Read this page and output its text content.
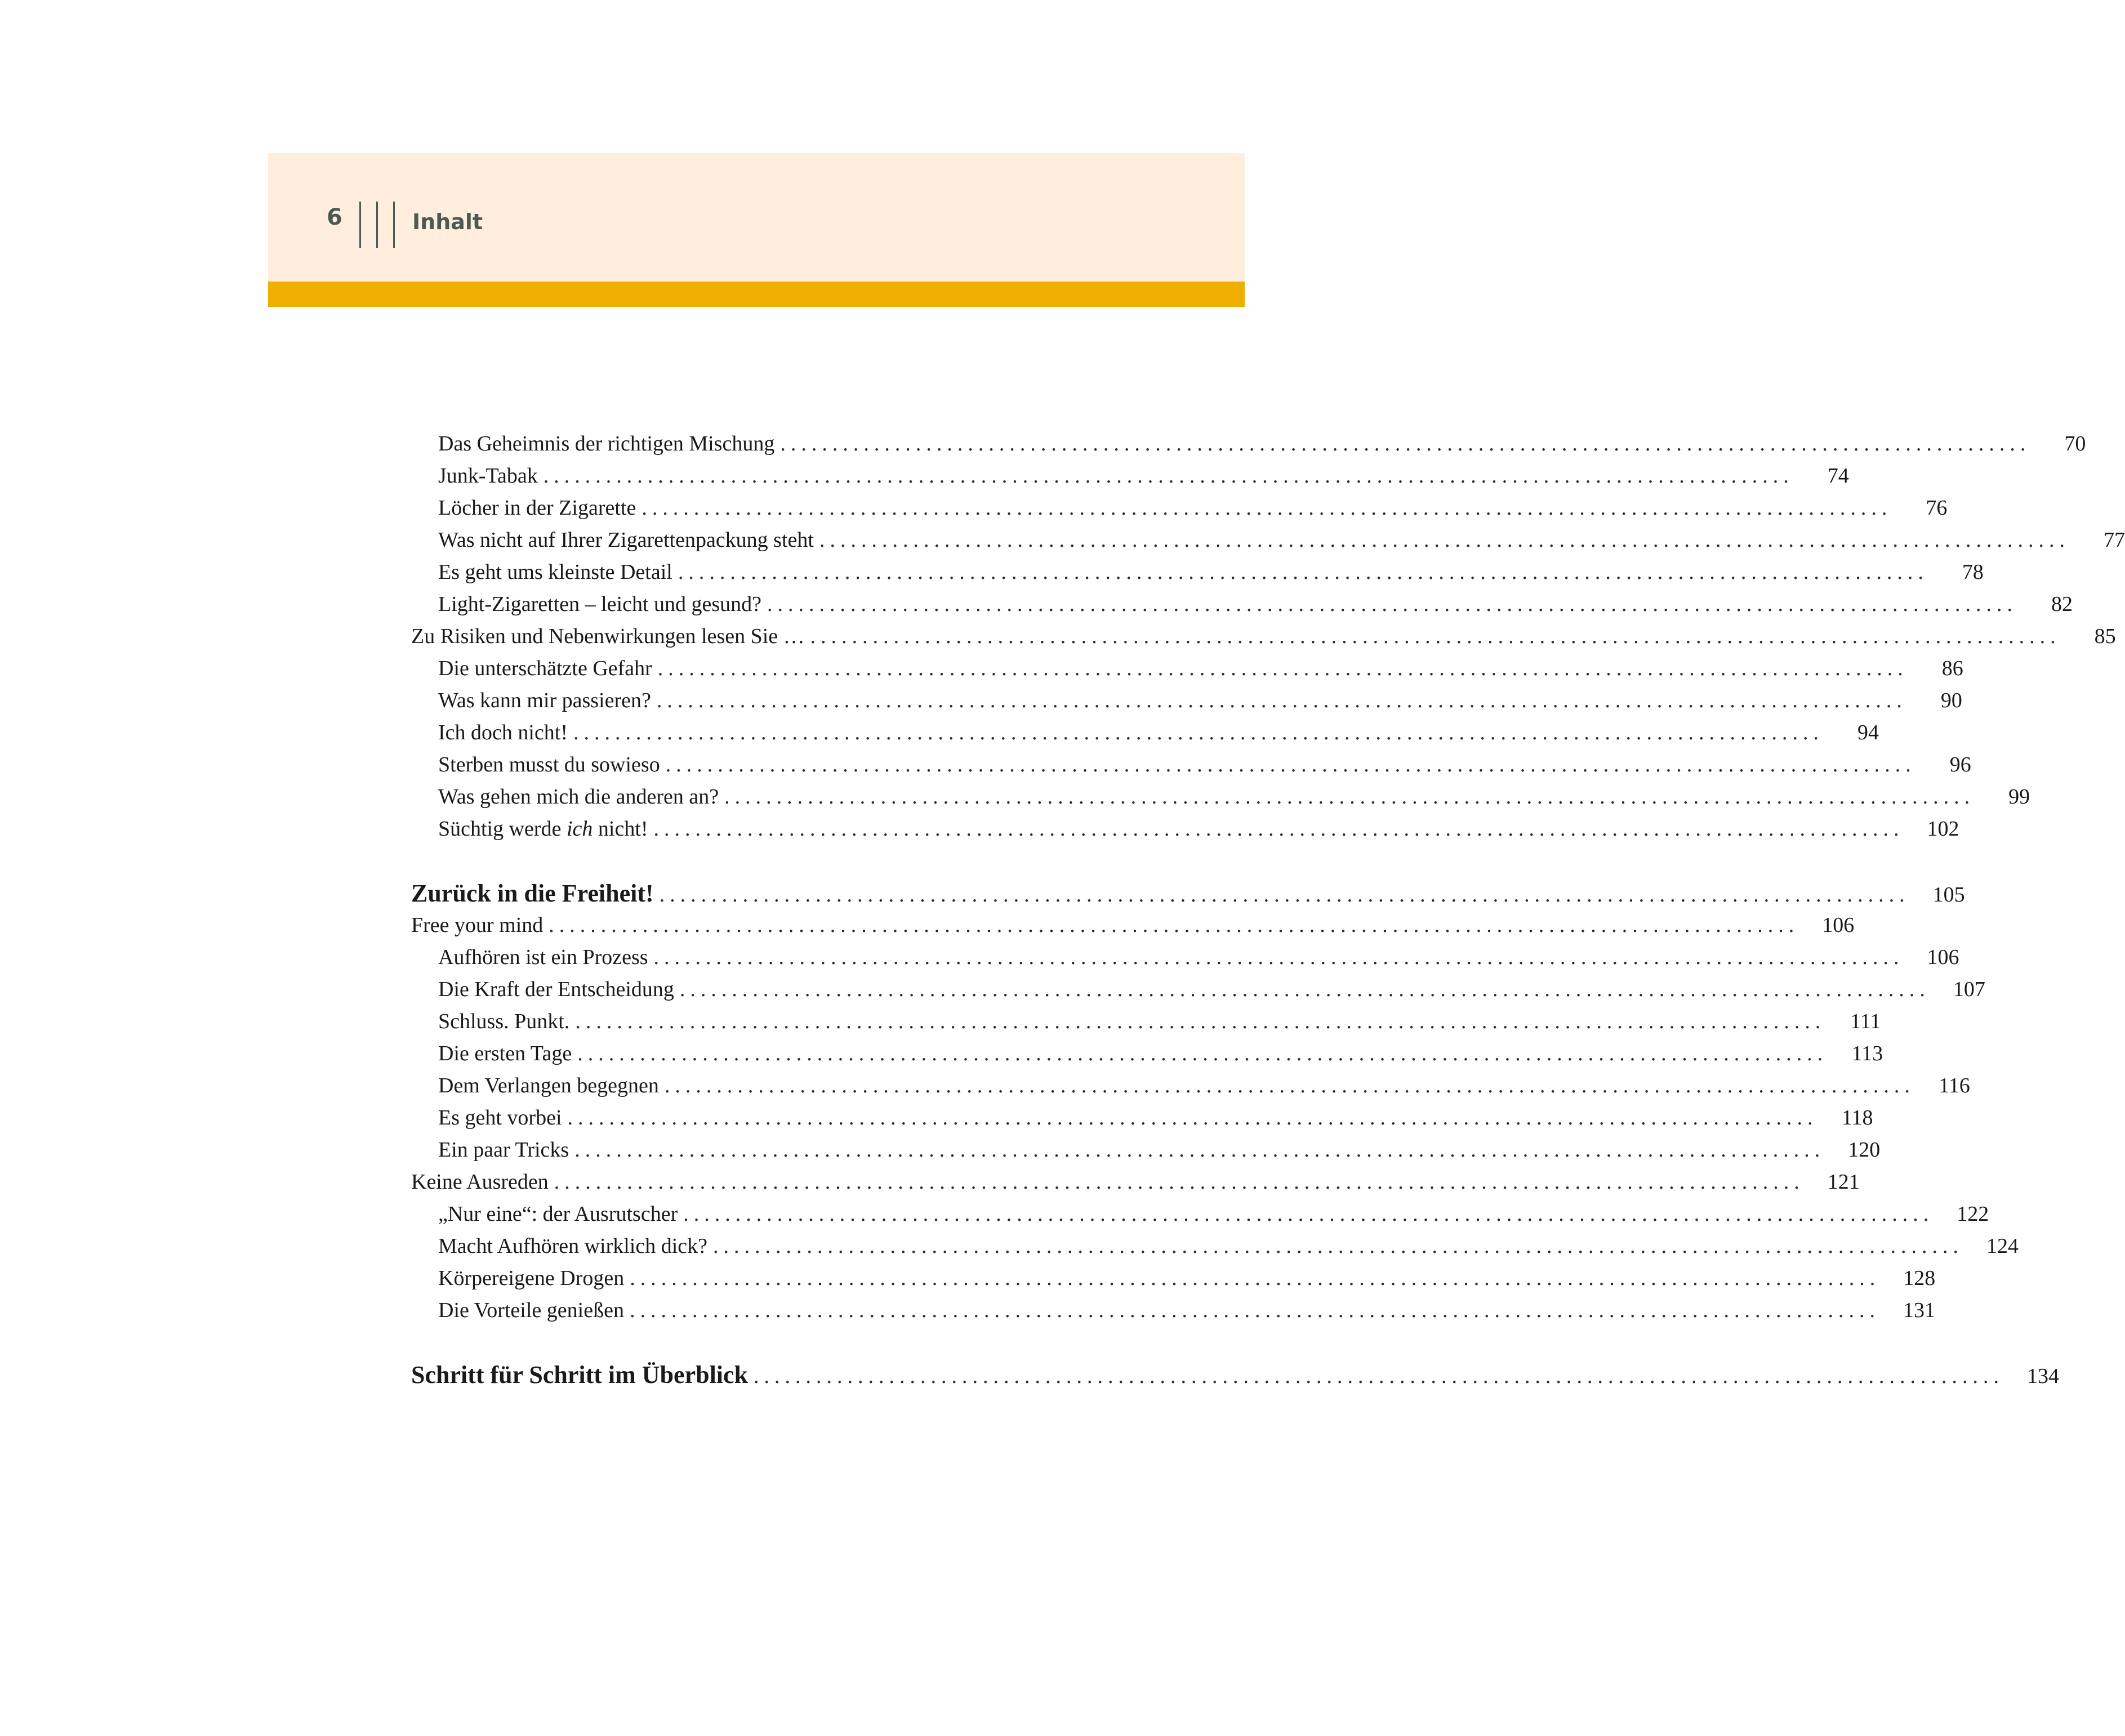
6	Inhalt
Das Geheimnis der richtigen Mischung ........................................................................................................................	70
Junk-Tabak ........................................................................................................................	74
Löcher in der Zigarette ........................................................................................................................	76
Was nicht auf Ihrer Zigarettenpackung steht ........................................................................................................................	77
Es geht ums kleinste Detail ........................................................................................................................	78
Light-Zigaretten – leicht und gesund? ........................................................................................................................	82
Zu Risiken und Nebenwirkungen lesen Sie … ........................................................................................................................	85
Die unterschätzte Gefahr ........................................................................................................................	86
Was kann mir passieren? ........................................................................................................................	90
Ich doch nicht! ........................................................................................................................	94
Sterben musst du sowieso ........................................................................................................................	96
Was gehen mich die anderen an? ........................................................................................................................	99
Süchtig werde ich nicht! ........................................................................................................................	102
Zurück in die Freiheit! ........................................................................................................................	105
Free your mind ........................................................................................................................	106
Aufhören ist ein Prozess ........................................................................................................................	106
Die Kraft der Entscheidung ........................................................................................................................	107
Schluss. Punkt. ........................................................................................................................	111
Die ersten Tage ........................................................................................................................	113
Dem Verlangen begegnen ........................................................................................................................	116
Es geht vorbei ........................................................................................................................	118
Ein paar Tricks ........................................................................................................................	120
Keine Ausreden ........................................................................................................................	121
„Nur eine“: der Ausrutscher ........................................................................................................................	122
Macht Aufhören wirklich dick? ........................................................................................................................	124
Körpereigene Drogen ........................................................................................................................	128
Die Vorteile genießen ........................................................................................................................	131
Schritt für Schritt im Überblick ........................................................................................................................	134
